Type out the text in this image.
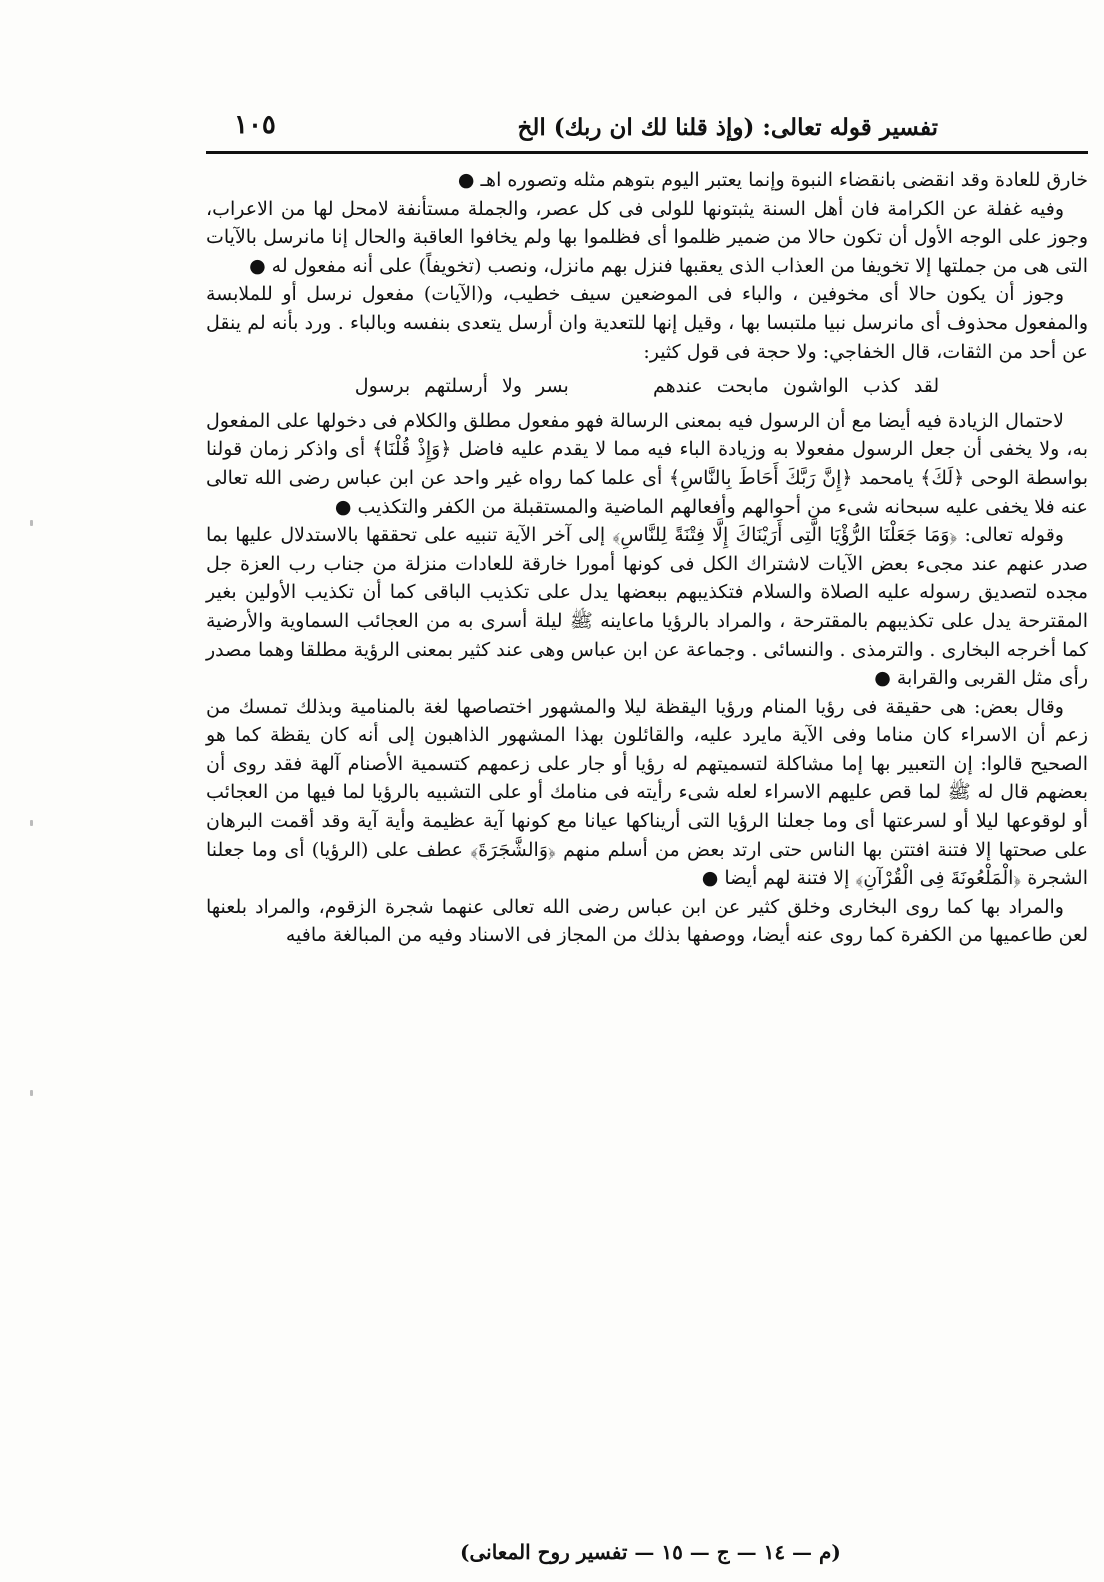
تفسير قوله تعالى: (وإذ قلنا لك ان ربك) الخ
١٠٥

خارق للعادة وقد انقضى بانقضاء النبوة وإنما يعتبر اليوم بتوهم مثله وتصوره اهـ ●

وفيه غفلة عن الكرامة فان أهل السنة يثبتونها للولى فى كل عصر، والجملة مستأنفة لامحل لها من الاعراب، وجوز على الوجه الأول أن تكون حالا من ضمير ظلموا أى فظلموا بها ولم يخافوا العاقبة والحال إنا مانرسل بالآيات التى هى من جملتها إلا تخويفا من العذاب الذى يعقبها فنزل بهم مانزل، ونصب (تخويفاً) على أنه مفعول له ●

وجوز أن يكون حالا أى مخوفين ، والباء فى الموضعين سيف خطيب، و(الآيات) مفعول نرسل أو للملابسة والمفعول محذوف أى مانرسل نبيا ملتبسا بها ، وقيل إنها للتعدية وان أرسل يتعدى بنفسه وبالباء . ورد بأنه لم ينقل عن أحد من الثقات، قال الخفاجي: ولا حجة فى قول كثير:

لقد كذب الواشون مابحت عندهم      بسر ولا أرسلتهم برسول

لاحتمال الزيادة فيه أيضا مع أن الرسول فيه بمعنى الرسالة فهو مفعول مطلق والكلام فى دخولها على المفعول به، ولا يخفى أن جعل الرسول مفعولا به وزيادة الباء فيه مما لا يقدم عليه فاضل ﴿وَإِذْ قُلْنَا﴾ أى واذكر زمان قولنا بواسطة الوحى ﴿لَكَ﴾ يامحمد ﴿إِنَّ رَبَّكَ أَحَاطَ بِالنَّاسِ﴾ أى علما كما رواه غير واحد عن ابن عباس رضى الله تعالى عنه فلا يخفى عليه سبحانه شىء من أحوالهم وأفعالهم الماضية والمستقبلة من الكفر والتكذيب ●

وقوله تعالى: ﴿وَمَا جَعَلْنَا الرُّؤْيَا الَّتِى أَرَيْنَاكَ إِلَّا فِتْنَةً لِلنَّاسِ﴾ إلى آخر الآية تنبيه على تحققها بالاستدلال عليها بما صدر عنهم عند مجىء بعض الآيات لاشتراك الكل فى كونها أمورا خارقة للعادات منزلة من جناب رب العزة جل مجده لتصديق رسوله عليه الصلاة والسلام فتكذيبهم ببعضها يدل على تكذيب الباقى كما أن تكذيب الأولين بغير المقترحة يدل على تكذيبهم بالمقترحة ، والمراد بالرؤيا ماعاينه ﷺ ليلة أسرى به من العجائب السماوية والأرضية كما أخرجه البخارى . والترمذى . والنسائى . وجماعة عن ابن عباس وهى عند كثير بمعنى الرؤية مطلقا وهما مصدر رأى مثل القربى والقرابة ●

وقال بعض: هى حقيقة فى رؤيا المنام ورؤيا اليقظة ليلا والمشهور اختصاصها لغة بالمنامية وبذلك تمسك من زعم أن الاسراء كان مناما وفى الآية مايرد عليه، والقائلون بهذا المشهور الذاهبون إلى أنه كان يقظة كما هو الصحيح قالوا: إن التعبير بها إما مشاكلة لتسميتهم له رؤيا أو جار على زعمهم كتسمية الأصنام آلهة فقد روى أن بعضهم قال له ﷺ لما قص عليهم الاسراء لعله شىء رأيته فى منامك أو على التشبيه بالرؤيا لما فيها من العجائب أو لوقوعها ليلا أو لسرعتها أى وما جعلنا الرؤيا التى أريناكها عيانا مع كونها آية عظيمة وأية آية وقد أقمت البرهان على صحتها إلا فتنة افتتن بها الناس حتى ارتد بعض من أسلم منهم ﴿وَالشَّجَرَةَ﴾ عطف على (الرؤيا) أى وما جعلنا الشجرة ﴿الْمَلْعُونَةَ فِى الْقُرْآنِ﴾ إلا فتنة لهم أيضا ●

والمراد بها كما روى البخارى وخلق كثير عن ابن عباس رضى الله تعالى عنهما شجرة الزقوم، والمراد بلعنها لعن طاعميها من الكفرة كما روى عنه أيضا، ووصفها بذلك من المجاز فى الاسناد وفيه من المبالغة مافيه

(م — ١٤ — ج — ١٥ — تفسير روح المعانى)
